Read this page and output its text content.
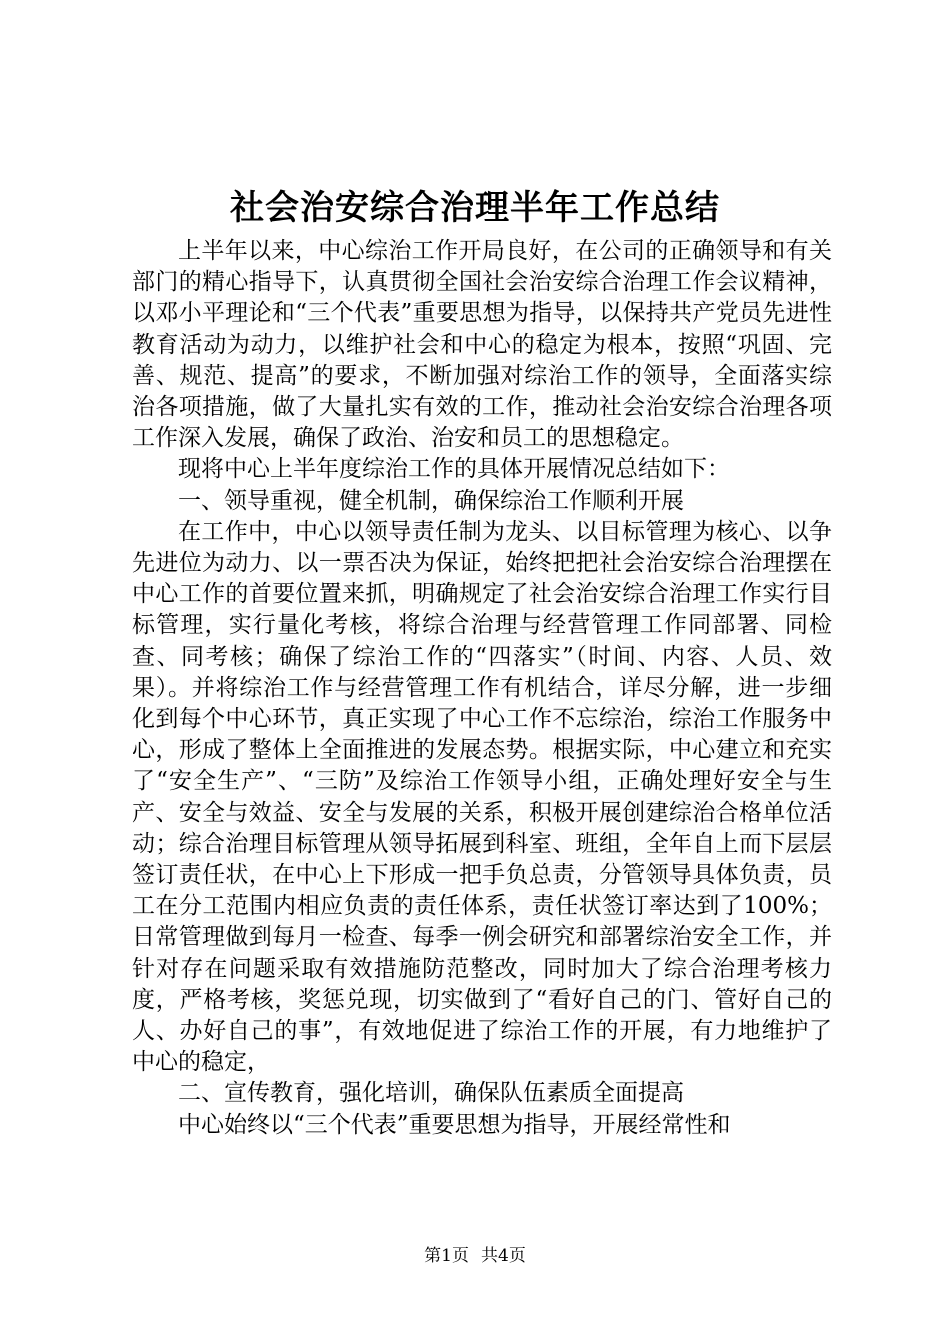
社会治安综合治理半年工作总结

上半年以来，中心综治工作开局良好，在公司的正确领导和有关部门的精心指导下，认真贯彻全国社会治安综合治理工作会议精神，以邓小平理论和“三个代表”重要思想为指导，以保持共产党员先进性教育活动为动力，以维护社会和中心的稳定为根本，按照“巩固、完善、规范、提高”的要求，不断加强对综治工作的领导，全面落实综治各项措施，做了大量扎实有效的工作，推动社会治安综合治理各项工作深入发展，确保了政治、治安和员工的思想稳定。

现将中心上半年度综治工作的具体开展情况总结如下：

一、领导重视，健全机制，确保综治工作顺利开展

在工作中，中心以领导责任制为龙头、以目标管理为核心、以争先进位为动力、以一票否决为保证，始终把把社会治安综合治理摆在中心工作的首要位置来抓，明确规定了社会治安综合治理工作实行目标管理，实行量化考核，将综合治理与经营管理工作同部署、同检查、同考核；确保了综治工作的“四落实”（时间、内容、人员、效果）。并将综治工作与经营管理工作有机结合，详尽分解，进一步细化到每个中心环节，真正实现了中心工作不忘综治，综治工作服务中心，形成了整体上全面推进的发展态势。根据实际，中心建立和充实了“安全生产”、“三防”及综治工作领导小组，正确处理好安全与生产、安全与效益、安全与发展的关系，积极开展创建综治合格单位活动；综合治理目标管理从领导拓展到科室、班组，全年自上而下层层签订责任状，在中心上下形成一把手负总责，分管领导具体负责，员工在分工范围内相应负责的责任体系，责任状签订率达到了100%；日常管理做到每月一检查、每季一例会研究和部署综治安全工作，并针对存在问题采取有效措施防范整改，同时加大了综合治理考核力度，严格考核，奖惩兑现，切实做到了“看好自己的门、管好自己的人、办好自己的事”，有效地促进了综治工作的开展，有力地维护了中心的稳定，

二、宣传教育，强化培训，确保队伍素质全面提高

中心始终以“三个代表”重要思想为指导，开展经常性和

第1页 共4页
